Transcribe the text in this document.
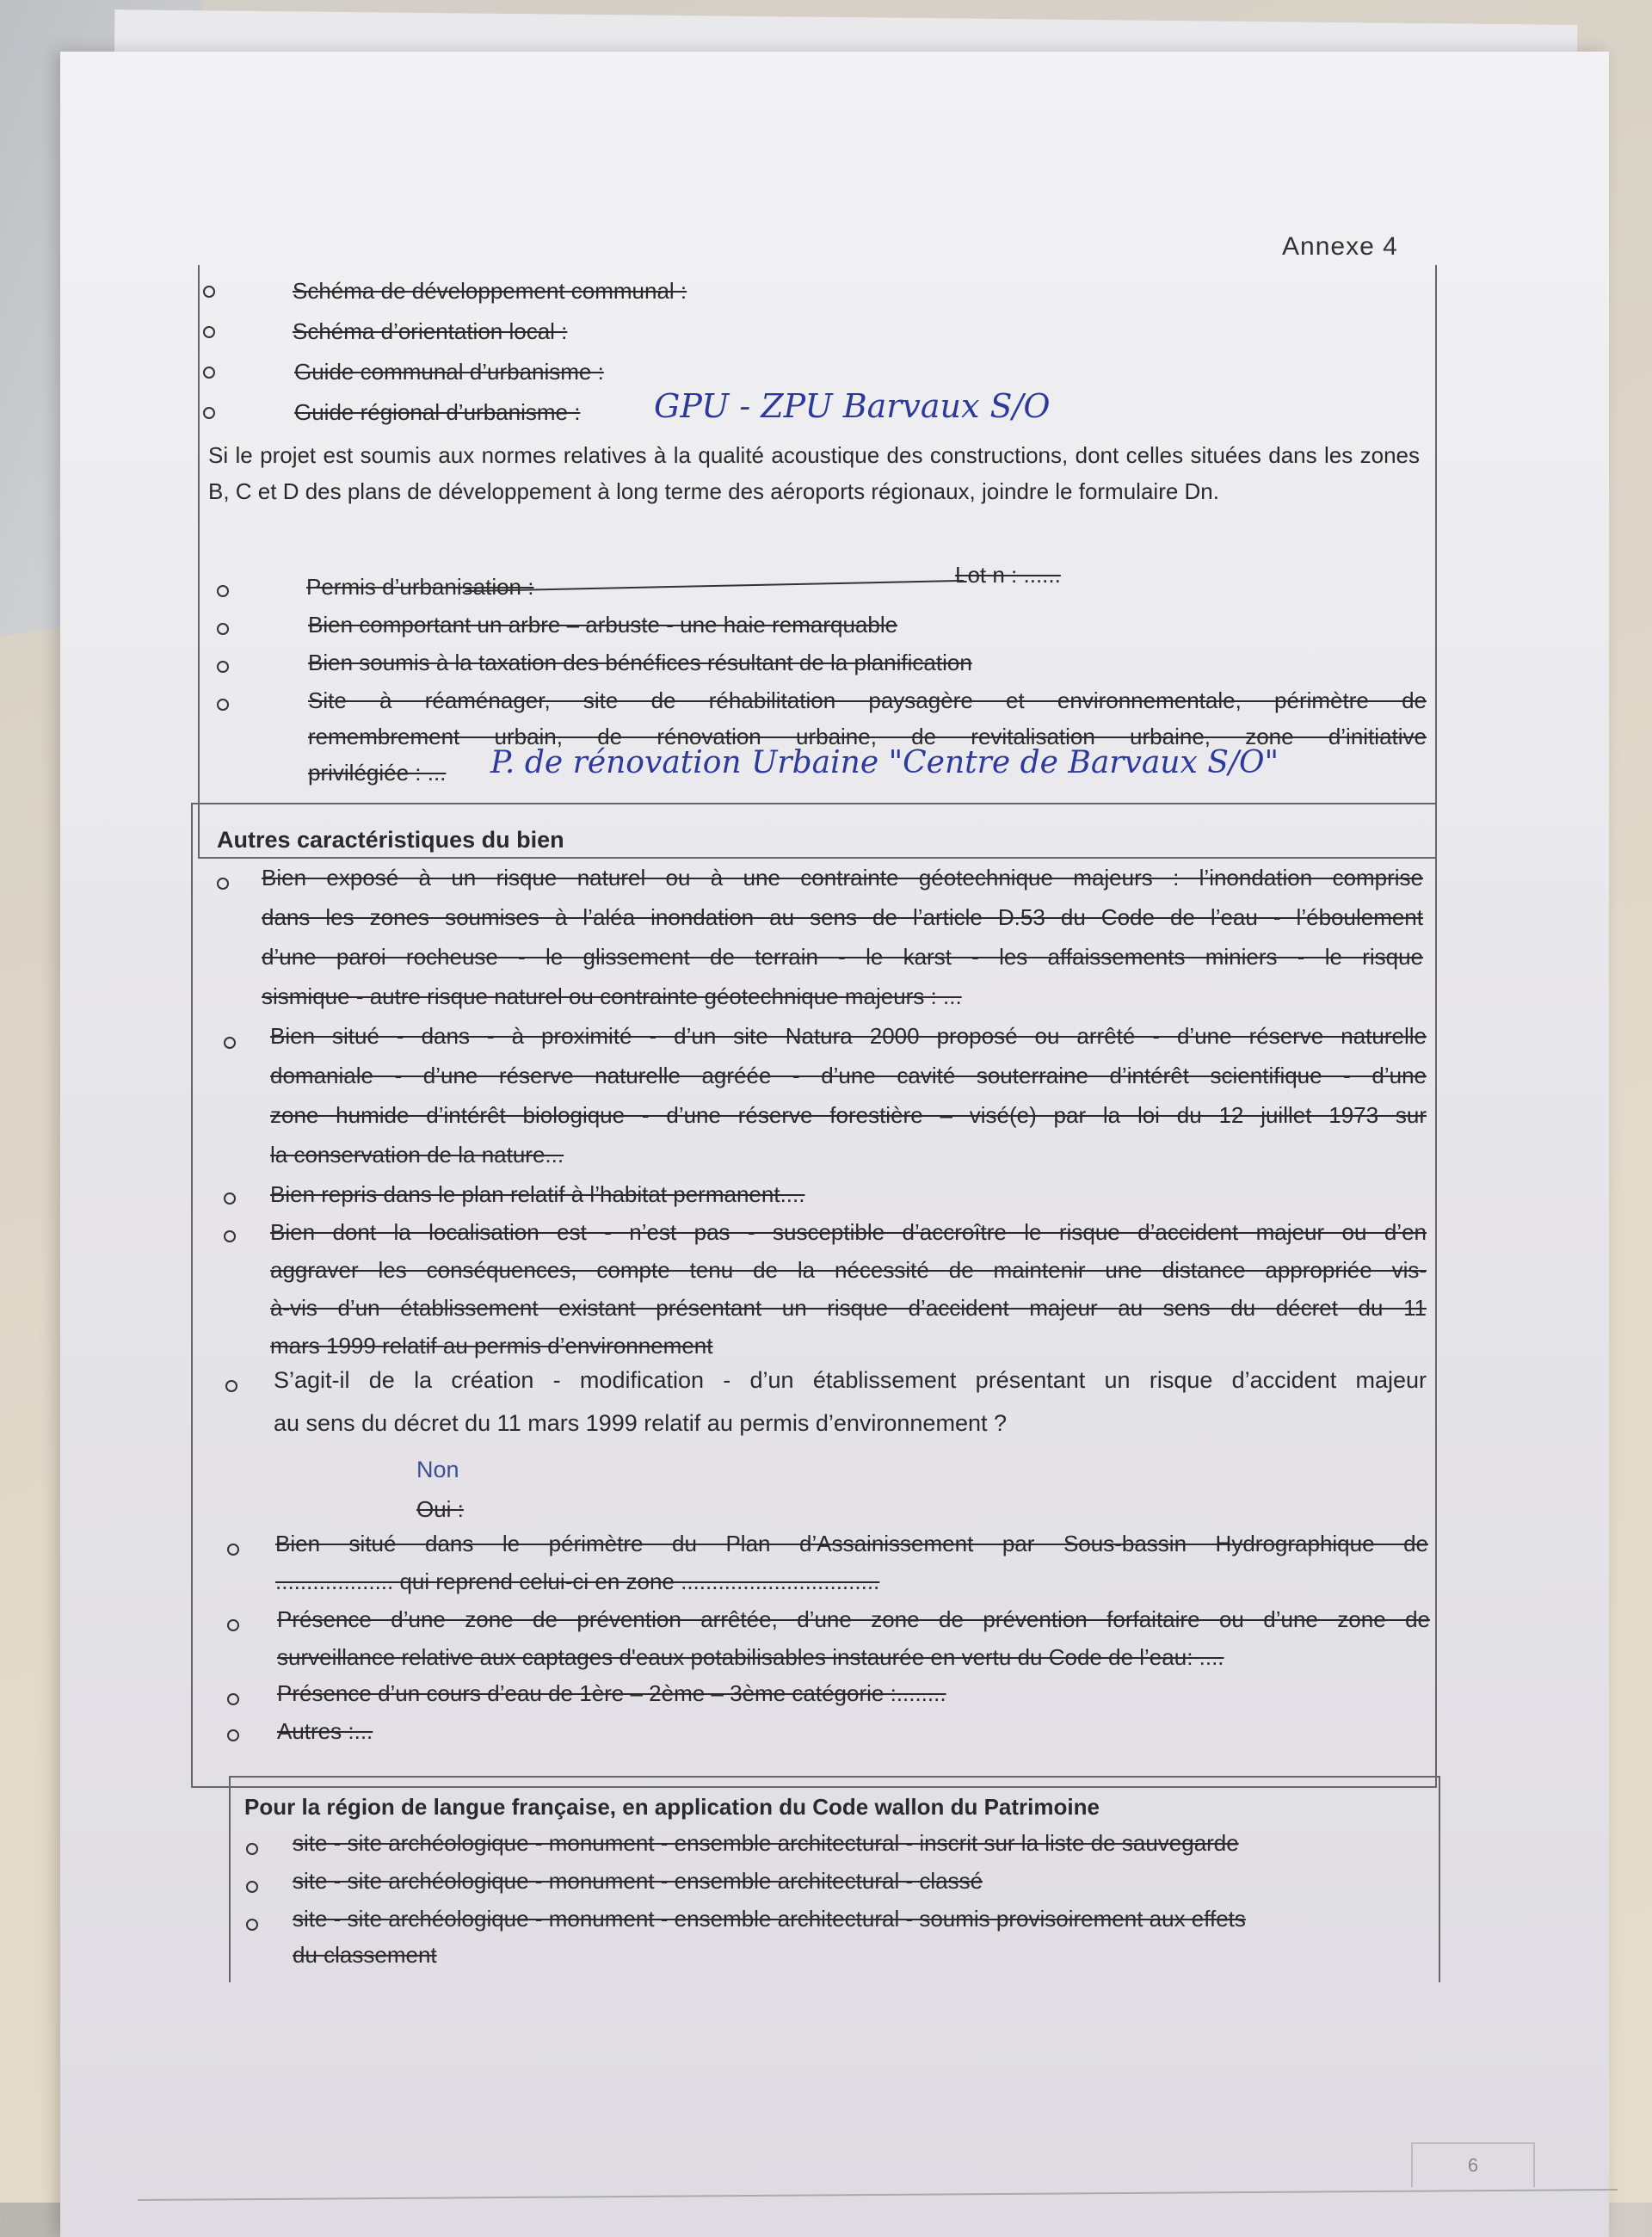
Annexe 4
Schéma de développement communal :
Schéma d’orientation local :
Guide communal d’urbanisme :
Guide régional d’urbanisme : GPU - ZPU Barvaux S/O
Si le projet est soumis aux normes relatives à la qualité acoustique des constructions, dont celles situées dans les zones B, C et D des plans de développement à long terme des aéroports régionaux, joindre le formulaire Dn.
Permis d’urbanisation :	Lot n : ......
Bien comportant un arbre – arbuste - une haie remarquable
Bien soumis à la taxation des bénéfices résultant de la planification
Site à réaménager, site de réhabilitation paysagère et environnementale, périmètre de
remembrement urbain, de rénovation urbaine, de revitalisation urbaine, zone d’initiative
privilégiée : ... P. de rénovation Urbaine "Centre de Barvaux S/O"
Autres caractéristiques du bien
Bien exposé à un risque naturel ou à une contrainte géotechnique majeurs : l’inondation comprise
dans les zones soumises à l’aléa inondation au sens de l’article D.53 du Code de l’eau - l’éboulement
d’une paroi rocheuse - le glissement de terrain - le karst - les affaissements miniers - le risque
sismique - autre risque naturel ou contrainte géotechnique majeurs : ...
Bien situé - dans - à proximité - d’un site Natura 2000 proposé ou arrêté - d’une réserve naturelle
domaniale - d’une réserve naturelle agréée - d’une cavité souterraine d’intérêt scientifique - d’une
zone humide d’intérêt biologique - d’une réserve forestière – visé(e) par la loi du 12 juillet 1973 sur
la conservation de la nature...
Bien repris dans le plan relatif à l’habitat permanent....
Bien dont la localisation est - n’est pas - susceptible d’accroître le risque d’accident majeur ou d’en
aggraver les conséquences, compte tenu de la nécessité de maintenir une distance appropriée vis-
à-vis d’un établissement existant présentant un risque d’accident majeur au sens du décret du 11
mars 1999 relatif au permis d’environnement
S’agit-il de la création - modification - d’un établissement présentant un risque d’accident majeur
au sens du décret du 11 mars 1999 relatif au permis d’environnement ?
Non
Oui :
Bien situé dans le périmètre du Plan d’Assainissement par Sous-bassin Hydrographique de
................... qui reprend celui-ci en zone ................................
Présence d’une zone de prévention arrêtée, d’une zone de prévention forfaitaire ou d’une zone de
surveillance relative aux captages d'eaux potabilisables instaurée en vertu du Code de l’eau: ....
Présence d’un cours d’eau de 1ère – 2ème – 3ème catégorie :........
Autres :...
Pour la région de langue française, en application du Code wallon du Patrimoine
site - site archéologique - monument - ensemble architectural - inscrit sur la liste de sauvegarde
site - site archéologique - monument - ensemble architectural - classé
site - site archéologique - monument - ensemble architectural - soumis provisoirement aux effets
du classement
6
